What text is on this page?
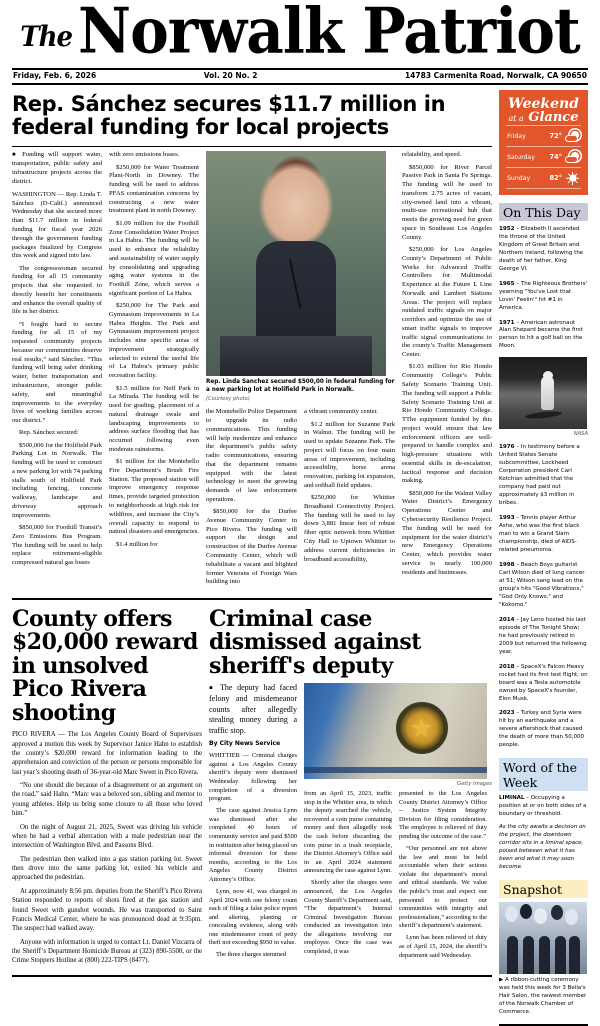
The Norwalk Patriot
Friday, Feb. 6, 2026	Vol. 20 No. 2	14783 Carmenita Road, Norwalk, CA 90650
Rep. Sánchez secures $11.7 million in federal funding for local projects

▪ Funding will support water, transportation, public safety and infrastructure projects across the district.

WASHINGTON — Rep. Linda T. Sánchez (D-Calif.) announced Wednesday that she secured more than $11.7 million in federal funding for fiscal year 2026 through the government funding packages finalized by Congress this week and signed into law.

The congresswoman secured funding for all 15 community projects that she requested to directly benefit her constituents and enhance the overall quality of life in her district.

“I fought hard to secure funding for all 15 of my requested community projects because our communities deserve real results,” said Sánchez. “This funding will bring safer drinking water, better transportation and infrastructure, stronger public safety, and meaningful improvements to the everyday lives of working families across our district.”

Rep. Sánchez secured:

$500,000 for the Holifield Park Parking Lot in Norwalk. The funding will be used to construct a new parking lot with 74 parking stalls south of Holifield Park including fencing, concrete walkway, landscape and driveway approach improvements.

$850,000 for Foothill Transit’s Zero Emissions Bus Program. The funding will be used to help replace retirement-eligible compressed natural gas buses

with zero emissions buses.

$250,000 for Water Treatment Plant-North in Downey. The funding will be used to address PFAS contamination concerns by constructing a new water treatment plant in north Downey.

$1.09 million for the Foothill Zone Consolidation Water Project in La Habra. The funding will be used to enhance the reliability and sustainability of water supply by consolidating and upgrading aging water systems in the Foothill Zone, which serves a significant portion of La Habra.

$250,000 for The Park and Gymnasium improvements in La Habra Heights. The Park and Gymnasium improvement project includes nine specific areas of improvement strategically selected to extend the useful life of La Habra’s primary public recreation facility.

$1.5 million for Neff Park in La Mirada. The funding will be used for grading, placement of a natural drainage swale and landscaping improvements to address surface flooding that has occurred following even moderate rainstorms.

$1 million for the Montebello Fire Department’s Brush Fire Station. The proposed station will improve emergency response times, provide targeted protection to neighborhoods at high risk for wildfires, and increase the City’s overall capacity to respond to natural disasters and emergencies.

$1.4 million for

Rep. Linda Sanchez secured $500,00 in federal funding for a new parking lot at Holifield Park in Norwalk.
(Courtesy photo)

the Montebello Police Department to upgrade its radio communications. This funding will help modernize and enhance the department’s public safety radio communications, ensuring that the department remains equipped with the latest technology to meet the growing demands of law enforcement operations.

$850,000 for the Durfee Avenue Community Center in Pico Rivera. The funding will support the design and construction of the Durfee Avenue Community Center, which will rehabilitate a vacant and blighted former Veterans of Foreign Wars building into

a vibrant community center.

$1.2 million for Suzanne Park in Walnut. The funding will be used to update Suzanne Park. The project will focus on four main areas of improvement, including accessibility, horse arena renovation, parking lot expansion, and softball field updates.

$250,000 for Whittier Broadband Connectivity Project. The funding will be used to lay down 3,881 linear feet of robust fiber optic network from Whittier City Hall to Uptown Whittier to address current deficiencies in broadband accessibility,

relatability, and speed.

$850,000 for River Parcel Passive Park in Santa Fe Springs. The funding will be used to transform 2.75 acres of vacant, city-owned land into a vibrant, multi-use recreational hub that meets the growing need for green space in Southeast Los Angeles County.

$250,000 for Los Angeles County’s Department of Public Works for Advanced Traffic Controllers for Multimodal Experience at the Future L Line Norwalk and Lambert Stations Areas. The project will replace outdated traffic signals on major corridors and optimize the use of smart traffic signals to improve traffic signal communications to the county’s Traffic Management Center.

$1.03 million for Rio Hondo Community College’s Public Safety Scenario Training Unit. The funding will support a Public Safety Scenario Training Unit at Rio Hondo Community College. TThe equipment funded by this project would ensure that law enforcement officers are well-prepared to handle complex and high-pressure situations with essential skills in de-escalation, tactical response and decision making.

$850,000 for the Walnut Valley Water District’s Emergency Operations Center and Cybersecurity Resilience Project. The funding will be used for equipment for the water district’s new Emergency Operations Center, which provides water service to nearly 100,000 residents and businesses.

County offers $20,000 reward in unsolved Pico Rivera shooting

PICO RIVERA — The Los Angeles County Board of Supervisors approved a motion this week by Supervisor Janice Hahn to establish the county’s $20,000 reward for information leading to the apprehension and conviction of the person or persons responsible for last year’s shooting death of 36-year-old Marc Sweet in Pico Rivera.

“No one should die because of a disagreement or an argument on the road,” said Hahn. “Marc was a beloved son, sibling and mentor to young athletes. Help us bring some closure to all those who loved him.”

On the night of August 21, 2025, Sweet was driving his vehicle when he had a verbal altercation with a male pedestrian near the intersection of Washington Blvd. and Passons Blvd.

The pedestrian then walked into a gas station parking lot. Sweet then drove into the same parking lot, exited his vehicle and approached the pedestrian.

At approximately 8:56 pm. deputies from the Sheriff’s Pico Rivera Station responded to reports of shots fired at the gas station and found Sweet with gunshot wounds. He was transported to Saint Francis Medical Center, where he was pronounced dead at 9:35pm. The suspect had walked away.

Anyone with information is urged to contact Lt. Daniel Vizcarra of the Sheriff’s Department Homicide Bureau at (323) 890-5500, or the Crime Stoppers Hotline at (800) 222-TIPS (8477).

Criminal case dismissed against sheriff's deputy

▪ The deputy had faced felony and misdemeanor counts after allegedly stealing money during a traffic stop.

By City News Service

WHITTIER — Criminal charges against a Los Angeles County sheriff’s deputy were dismissed Wednesday following her completion of a diversion program.

The case against Jessica Lynn was dismissed after she completed 40 hours of community service and paid $500 in restitution after being placed on informal diversion for three months, according to the Los Angeles County District Attorney’s Office.

Lynn, now 41, was charged in April 2024 with one felony count each of filing a false police report and altering, planting or concealing evidence, along with one misdemeanor count of petty theft not exceeding $950 in value.

The three charges stemmed

Getty Images

from an April 15, 2023, traffic stop in the Whittier area, in which the deputy searched the vehicle, recovered a coin purse containing money and then allegedly took the cash before discarding the coin purse in a trash receptacle, the District Attorney’s Office said in an April 2024 statement announcing the case against Lynn.

Shortly after the charges were announced, the Los Angeles County Sheriff’s Department said, “The department’s Internal Criminal Investigation Bureau conducted an investigation into the allegations involving our employee. Once the case was completed, it was

presented to the Los Angeles County District Attorney’s Office -- Justice System Integrity Division for filing consideration. The employee is relieved of duty pending the outcome of the case.”

“Our personnel are not above the law and must be held accountable when their actions violate the department’s moral and ethical standards. We value the public’s trust and expect our personnel to protect our communities with integrity and professionalism,” according to the sheriff’s department’s statement.

Lynn has been relieved of duty as of April 15, 2024, the sheriff’s department said Wednesday.

Weekend
at a Glance
Friday	72°
Saturday	74°
Sunday	82°
On This Day
1952 – Elizabeth II ascended the throne of the United Kingdom of Great Britain and Northern Ireland, following the death of her father, King George VI.
1965 – The Righteous Brothers' yearning "You've Lost that Lovin' Feelin'" hit #1 in America.
1971 – American astronaut Alan Shepard became the first person to hit a golf ball on the Moon.
NASA
1976 – In testimony before a United States Senate subcommittee, Lockheed Corporation president Carl Kotchian admitted that the company had paid out approximately $3 million in bribes.
1993 – Tennis player Arthur Ashe, who was the first black man to win a Grand Slam championship, died of AIDS-related pneumonia.
1998 – Beach Boys guitarist Carl Wilson died of lung cancer at 51; Wilson sang lead on the group's hits "Good Vibrations," "God Only Knows," and "Kokomo."
2014 – Jay Leno hosted his last episode of The Tonight Show; he had previously retired in 2009 but returned the following year.
2018 – SpaceX's Falcon Heavy rocket had its first test flight; on board was a Tesla automobile owned by SpaceX's founder, Elon Musk.
2023 – Turkey and Syria were hit by an earthquake and a severe aftershock that caused the death of more than 50,000 people.
Word of the Week
LIMINAL – Occupying a position at or on both sides of a boundary or threshold.
As the city awaits a decision on the project, the downtown corridor sits in a liminal space, poised between what it has been and what it may soon become.
Snapshot
▶ A ribbon-cutting ceremony was held this week for 3 Bella's Hair Salon, the newest member of the Norwalk Chamber of Commerce.
